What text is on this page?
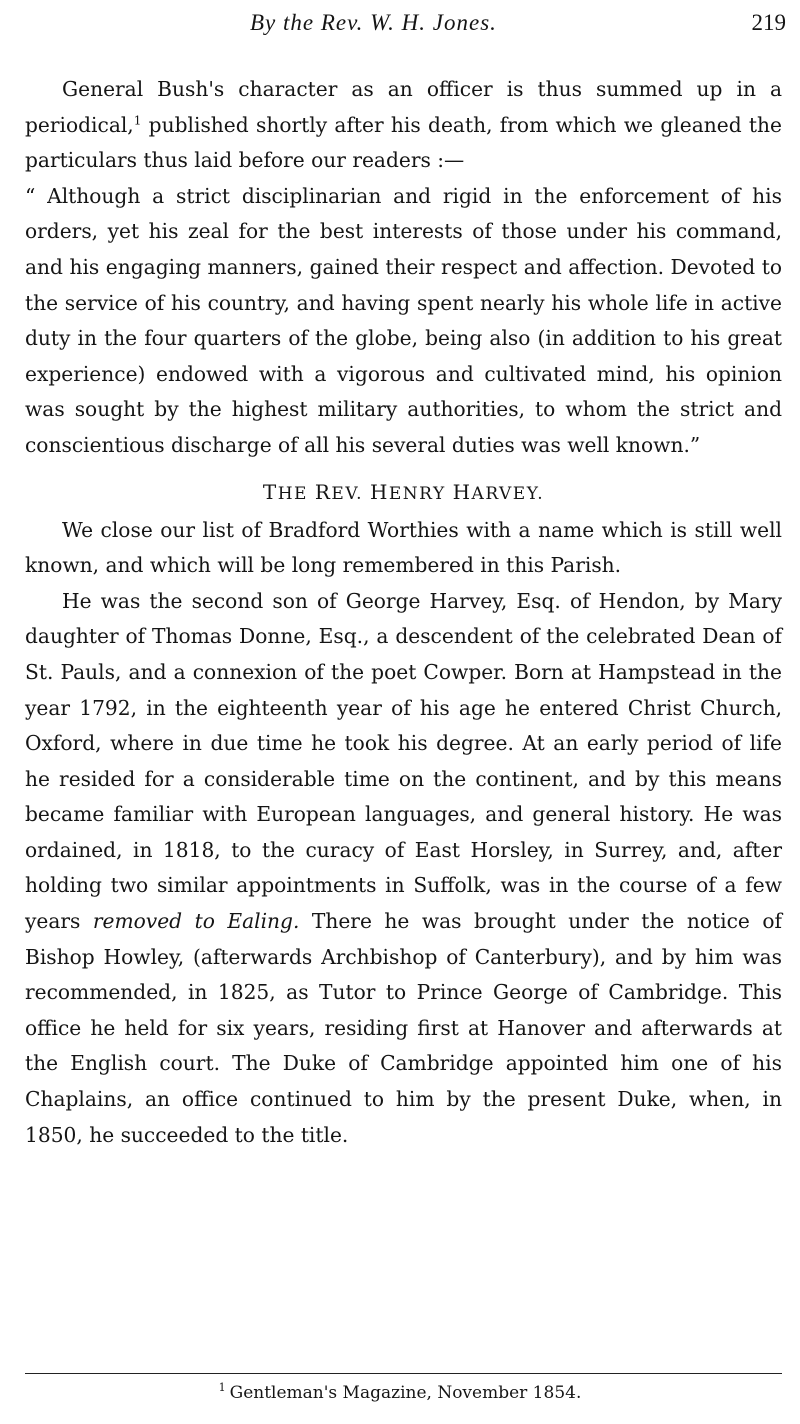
By the Rev. W. H. Jones.	219

General Bush's character as an officer is thus summed up in a periodical,$^1$ published shortly after his death, from which we gleaned the particulars thus laid before our readers :—

“ Although a strict disciplinarian and rigid in the enforcement of his orders, yet his zeal for the best interests of those under his command, and his engaging manners, gained their respect and affection. Devoted to the service of his country, and having spent nearly his whole life in active duty in the four quarters of the globe, being also (in addition to his great experience) endowed with a vigorous and cultivated mind, his opinion was sought by the highest military authorities, to whom the strict and conscientious discharge of all his several duties was well known.”

THE REV. HENRY HARVEY.

We close our list of Bradford Worthies with a name which is still well known, and which will be long remembered in this Parish.

He was the second son of George Harvey, Esq. of Hendon, by Mary daughter of Thomas Donne, Esq., a descendent of the celebrated Dean of St. Pauls, and a connexion of the poet Cowper. Born at Hampstead in the year 1792, in the eighteenth year of his age he entered Christ Church, Oxford, where in due time he took his degree. At an early period of life he resided for a considerable time on the continent, and by this means became familiar with European languages, and general history. He was ordained, in 1818, to the curacy of East Horsley, in Surrey, and, after holding two similar appointments in Suffolk, was in the course of a few years removed to Ealing. There he was brought under the notice of Bishop Howley, (afterwards Archbishop of Canterbury), and by him was recommended, in 1825, as Tutor to Prince George of Cambridge. This office he held for six years, residing first at Hanover and afterwards at the English court. The Duke of Cambridge appointed him one of his Chaplains, an office continued to him by the present Duke, when, in 1850, he succeeded to the title.

$^1$ Gentleman's Magazine, November 1854.
